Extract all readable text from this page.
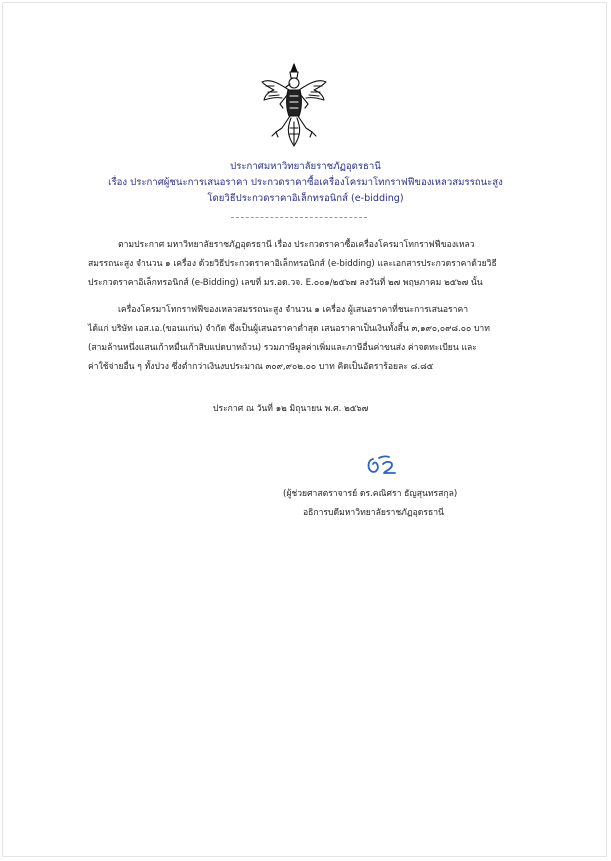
ประกาศมหาวิทยาลัยราชภัฏอุดรธานี
เรื่อง ประกาศผู้ชนะการเสนอราคา ประกวดราคาซื้อเครื่องโครมาโทกราฟฟีของเหลวสมรรถนะสูง
โดยวิธีประกวดราคาอิเล็กทรอนิกส์ (e-bidding)
ตามประกาศ มหาวิทยาลัยราชภัฏอุดรธานี เรื่อง ประกวดราคาซื้อเครื่องโครมาโทกราฟฟีของเหลว
สมรรถนะสูง จำนวน ๑ เครื่อง ด้วยวิธีประกวดราคาอิเล็กทรอนิกส์ (e-bidding) และเอกสารประกวดราคาด้วยวิธี
ประกวดราคาอิเล็กทรอนิกส์ (e-Bidding) เลขที่ มร.อด.วจ. E.๐๐๑/๒๕๖๗ ลงวันที่ ๒๗ พฤษภาคม ๒๕๖๗ นั้น
เครื่องโครมาโทกราฟฟีของเหลวสมรรถนะสูง จำนวน ๑ เครื่อง ผู้เสนอราคาที่ชนะการเสนอราคา
ได้แก่ บริษัท เอส.เอ.(ขอนแก่น) จำกัด ซึ่งเป็นผู้เสนอราคาต่ำสุด เสนอราคาเป็นเงินทั้งสิ้น ๓,๑๙๐,๐๙๘.๐๐ บาท
(สามล้านหนึ่งแสนเก้าหมื่นเก้าสิบแปดบาทถ้วน) รวมภาษีมูลค่าเพิ่มและภาษีอื่นค่าขนส่ง ค่าจดทะเบียน และ
ค่าใช้จ่ายอื่น ๆ ทั้งปวง ซึ่งต่ำกว่าเงินงบประมาณ ๓๐๙,๙๐๒.๐๐ บาท คิดเป็นอัตราร้อยละ ๘.๘๕
ประกาศ ณ วันที่ ๑๒ มิถุนายน พ.ศ. ๒๕๖๗
(ผู้ช่วยศาสตราจารย์ ดร.คณิศรา ธัญสุนทรสกุล)
อธิการบดีมหาวิทยาลัยราชภัฏอุดรธานี
